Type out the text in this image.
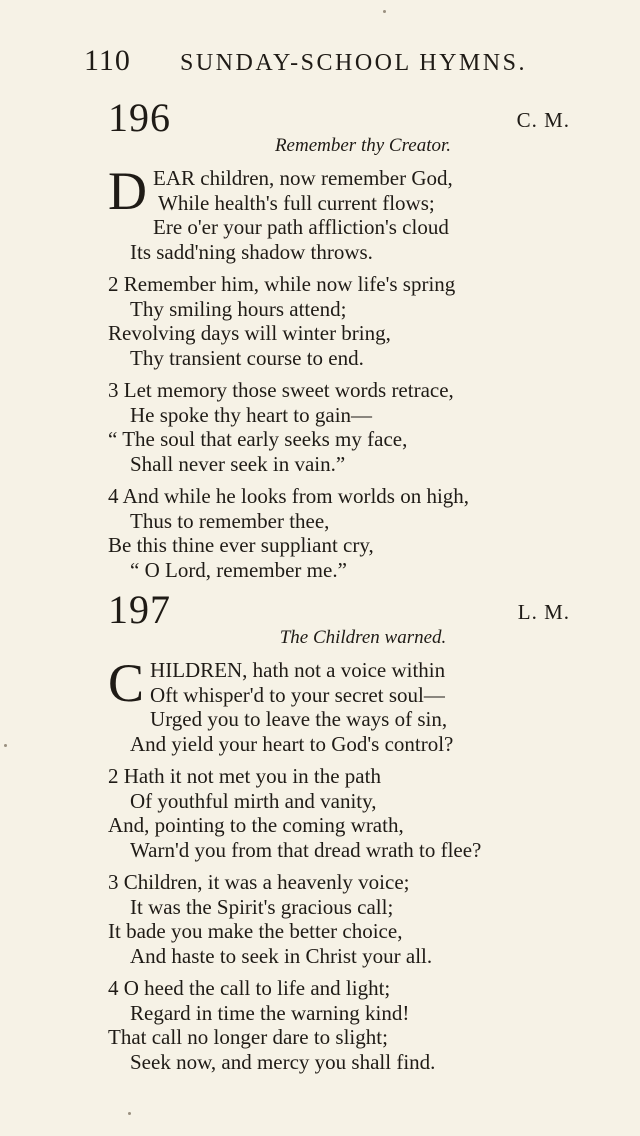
110 SUNDAY-SCHOOL HYMNS.
196	C. M.
Remember thy Creator.
DEAR children, now remember God,
While health's full current flows;
Ere o'er your path affliction's cloud
Its sadd'ning shadow throws.
2 Remember him, while now life's spring
Thy smiling hours attend;
Revolving days will winter bring,
Thy transient course to end.
3 Let memory those sweet words retrace,
He spoke thy heart to gain—
“ The soul that early seeks my face,
Shall never seek in vain.”
4 And while he looks from worlds on high,
Thus to remember thee,
Be this thine ever suppliant cry,
“ O Lord, remember me.”
197	L. M.
The Children warned.
CHILDREN, hath not a voice within
Oft whisper'd to your secret soul—
Urged you to leave the ways of sin,
And yield your heart to God's control?
2 Hath it not met you in the path
Of youthful mirth and vanity,
And, pointing to the coming wrath,
Warn'd you from that dread wrath to flee?
3 Children, it was a heavenly voice;
It was the Spirit's gracious call;
It bade you make the better choice,
And haste to seek in Christ your all.
4 O heed the call to life and light;
Regard in time the warning kind!
That call no longer dare to slight;
Seek now, and mercy you shall find.
